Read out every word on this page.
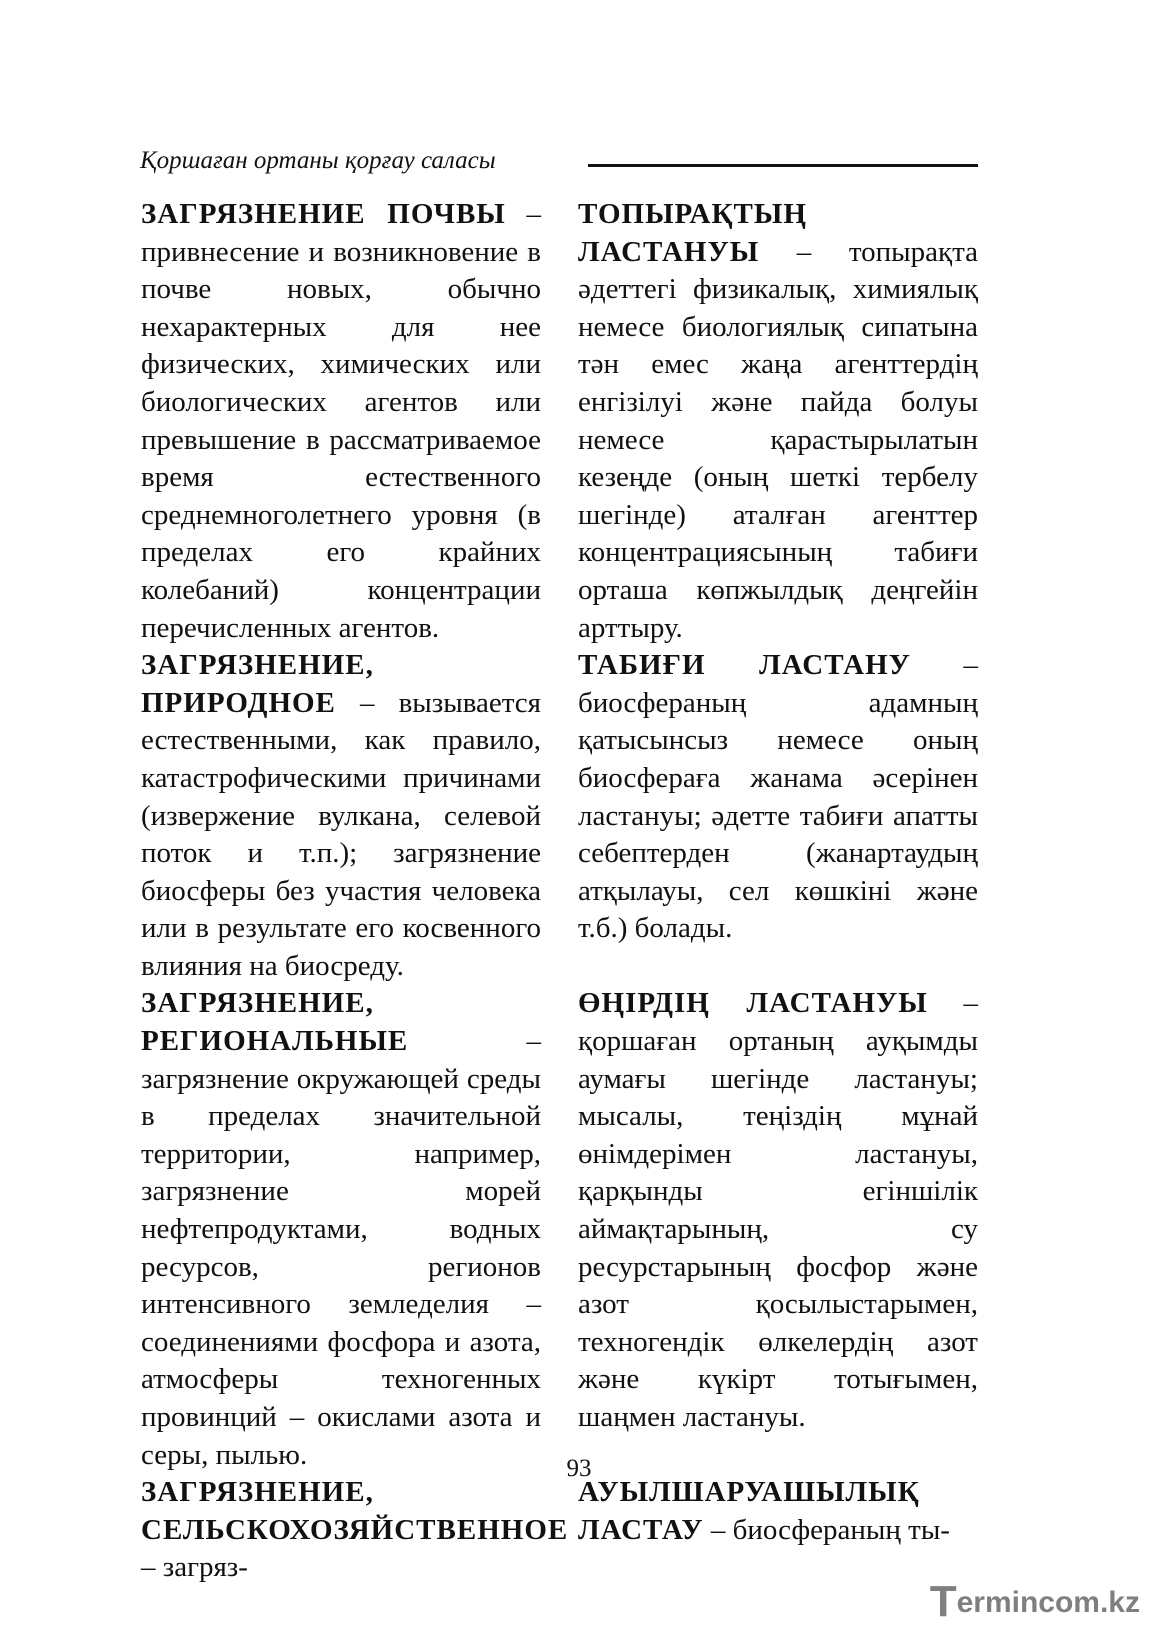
Қоршаған ортаны қорғау саласы

ЗАГРЯЗНЕНИЕ ПОЧВЫ – привнесение и возникновение в почве новых, обычно нехарактерных для нее физических, химических или биологических агентов или превышение в рассматриваемое время естественного среднемноголетнего уровня (в пределах его крайних колебаний) концентрации перечисленных агентов.

ЗАГРЯЗНЕНИЕ, ПРИРОДНОЕ – вызывается естественными, как правило, катастрофическими причинами (извержение вулкана, селевой поток и т.п.); загрязнение биосферы без участия человека или в результате его косвенного влияния на биосреду.

ЗАГРЯЗНЕНИЕ, РЕГИОНАЛЬНЫЕ – загрязнение окружающей среды в пределах значительной территории, например, загрязнение морей нефтепродуктами, водных ресурсов, регионов интенсивного земледелия – соединениями фосфора и азота, атмосферы техногенных провинций – окислами азота и серы, пылью.

ЗАГРЯЗНЕНИЕ, СЕЛЬСКОХОЗЯЙСТВЕННОЕ – загряз-

ТОПЫРАҚТЫҢ ЛАСТАНУЫ – топырақта әдеттегі физикалық, химиялық немесе биологиялық сипатына тән емес жаңа агенттердің енгізілуі және пайда болуы немесе қарастырылатын кезеңде (оның шеткі тербелу шегінде) аталған агенттер концентрациясының табиғи орташа көпжылдық деңгейін арттыру.

ТАБИҒИ ЛАСТАНУ – биосфераның адамның қатысынсыз немесе оның биосфераға жанама әсерінен ластануы; әдетте табиғи апатты себептерден (жанартаудың атқылауы, сел көшкіні және т.б.) болады.

ӨҢІРДІҢ ЛАСТАНУЫ – қоршаған ортаның ауқымды аумағы шегінде ластануы; мысалы, теңіздің мұнай өнімдерімен ластануы, қарқынды егіншілік аймақтарының, су ресурстарының фосфор және азот қосылыстарымен, техногендік өлкелердің азот және күкірт тотығымен, шаңмен ластануы.

АУЫЛШАРУАШЫЛЫҚ ЛАСТАУ – биосфераның ты-

93
Termincom.kz
